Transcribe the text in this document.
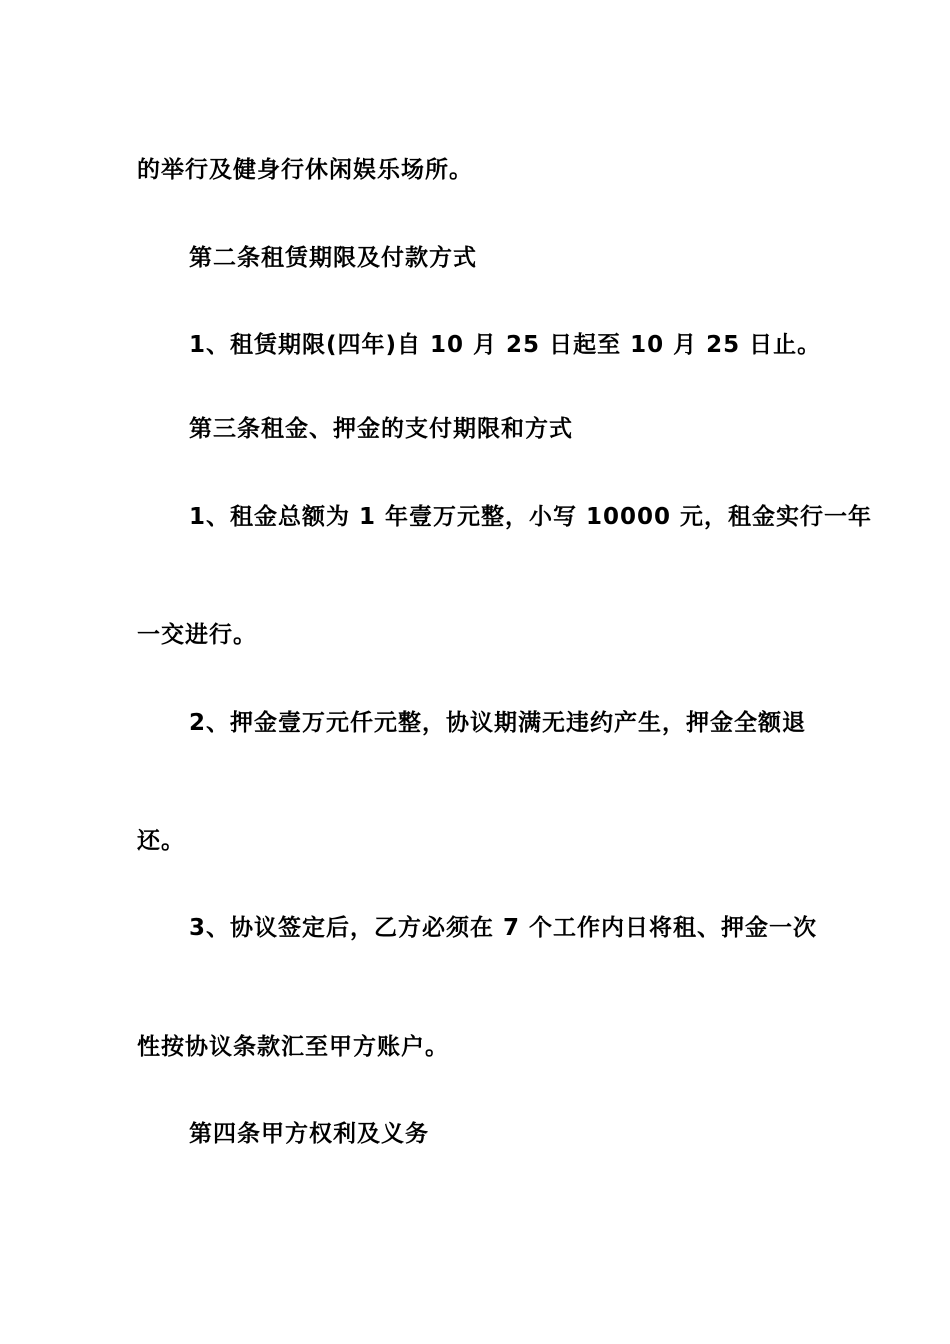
的举行及健身行休闲娱乐场所。

第二条租赁期限及付款方式

1、租赁期限(四年)自 10 月 25 日起至 10 月 25 日止。

第三条租金、押金的支付期限和方式

1、租金总额为 1 年壹万元整，小写 10000 元，租金实行一年

一交进行。

2、押金壹万元仟元整，协议期满无违约产生，押金全额退

还。

3、协议签定后，乙方必须在 7 个工作内日将租、押金一次

性按协议条款汇至甲方账户。

第四条甲方权利及义务
